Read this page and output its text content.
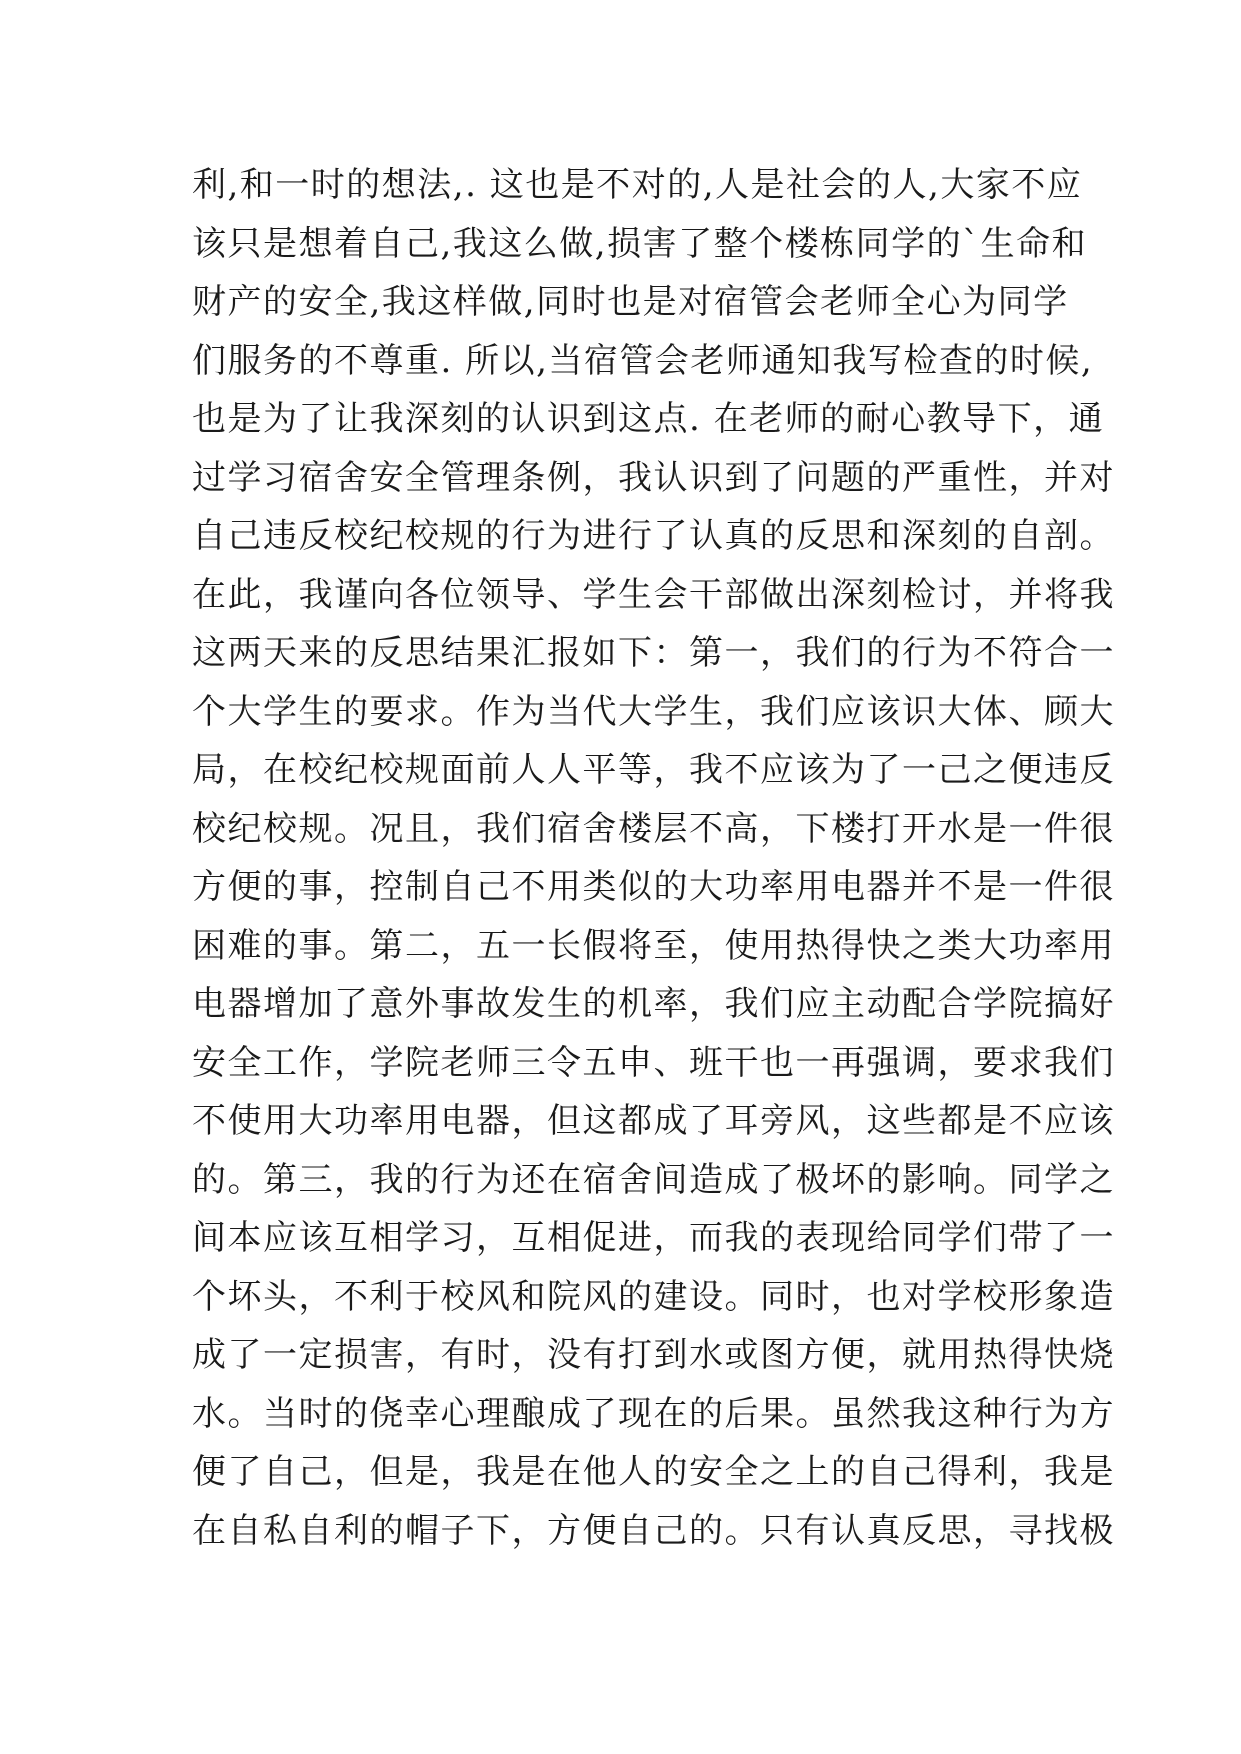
利,和一时的想法,. 这也是不对的,人是社会的人,大家不应
该只是想着自己,我这么做,损害了整个楼栋同学的`生命和
财产的安全,我这样做,同时也是对宿管会老师全心为同学
们服务的不尊重. 所以,当宿管会老师通知我写检查的时候,
也是为了让我深刻的认识到这点. 在老师的耐心教导下，通
过学习宿舍安全管理条例，我认识到了问题的严重性，并对
自己违反校纪校规的行为进行了认真的反思和深刻的自剖。
在此，我谨向各位领导、学生会干部做出深刻检讨，并将我
这两天来的反思结果汇报如下：第一，我们的行为不符合一
个大学生的要求。作为当代大学生，我们应该识大体、顾大
局，在校纪校规面前人人平等，我不应该为了一己之便违反
校纪校规。况且，我们宿舍楼层不高，下楼打开水是一件很
方便的事，控制自己不用类似的大功率用电器并不是一件很
困难的事。第二，五一长假将至，使用热得快之类大功率用
电器增加了意外事故发生的机率，我们应主动配合学院搞好
安全工作，学院老师三令五申、班干也一再强调，要求我们
不使用大功率用电器，但这都成了耳旁风，这些都是不应该
的。第三，我的行为还在宿舍间造成了极坏的影响。同学之
间本应该互相学习，互相促进，而我的表现给同学们带了一
个坏头，不利于校风和院风的建设。同时，也对学校形象造
成了一定损害，有时，没有打到水或图方便，就用热得快烧
水。当时的侥幸心理酿成了现在的后果。虽然我这种行为方
便了自己，但是，我是在他人的安全之上的自己得利，我是
在自私自利的帽子下，方便自己的。只有认真反思，寻找极
